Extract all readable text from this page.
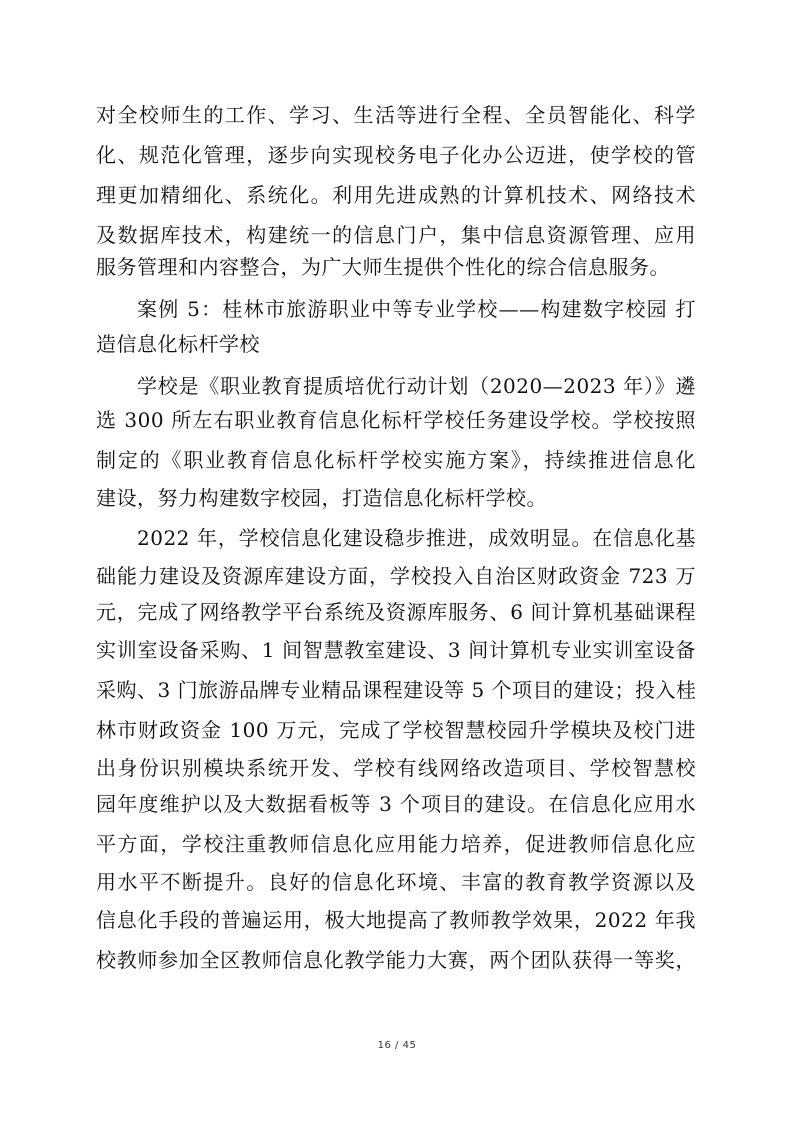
对全校师生的工作、学习、生活等进行全程、全员智能化、科学
化、规范化管理，逐步向实现校务电子化办公迈进，使学校的管
理更加精细化、系统化。利用先进成熟的计算机技术、网络技术
及数据库技术，构建统一的信息门户，集中信息资源管理、应用
服务管理和内容整合，为广大师生提供个性化的综合信息服务。
案例 5：桂林市旅游职业中等专业学校——构建数字校园 打
造信息化标杆学校
学校是《职业教育提质培优行动计划（2020—2023 年）》遴
选 300 所左右职业教育信息化标杆学校任务建设学校。学校按照
制定的《职业教育信息化标杆学校实施方案》，持续推进信息化
建设，努力构建数字校园，打造信息化标杆学校。
2022 年，学校信息化建设稳步推进，成效明显。在信息化基
础能力建设及资源库建设方面，学校投入自治区财政资金 723 万
元，完成了网络教学平台系统及资源库服务、6 间计算机基础课程
实训室设备采购、1 间智慧教室建设、3 间计算机专业实训室设备
采购、3 门旅游品牌专业精品课程建设等 5 个项目的建设；投入桂
林市财政资金 100 万元，完成了学校智慧校园升学模块及校门进
出身份识别模块系统开发、学校有线网络改造项目、学校智慧校
园年度维护以及大数据看板等 3 个项目的建设。在信息化应用水
平方面，学校注重教师信息化应用能力培养，促进教师信息化应
用水平不断提升。良好的信息化环境、丰富的教育教学资源以及
信息化手段的普遍运用，极大地提高了教师教学效果，2022 年我
校教师参加全区教师信息化教学能力大赛，两个团队获得一等奖，
16 / 45
